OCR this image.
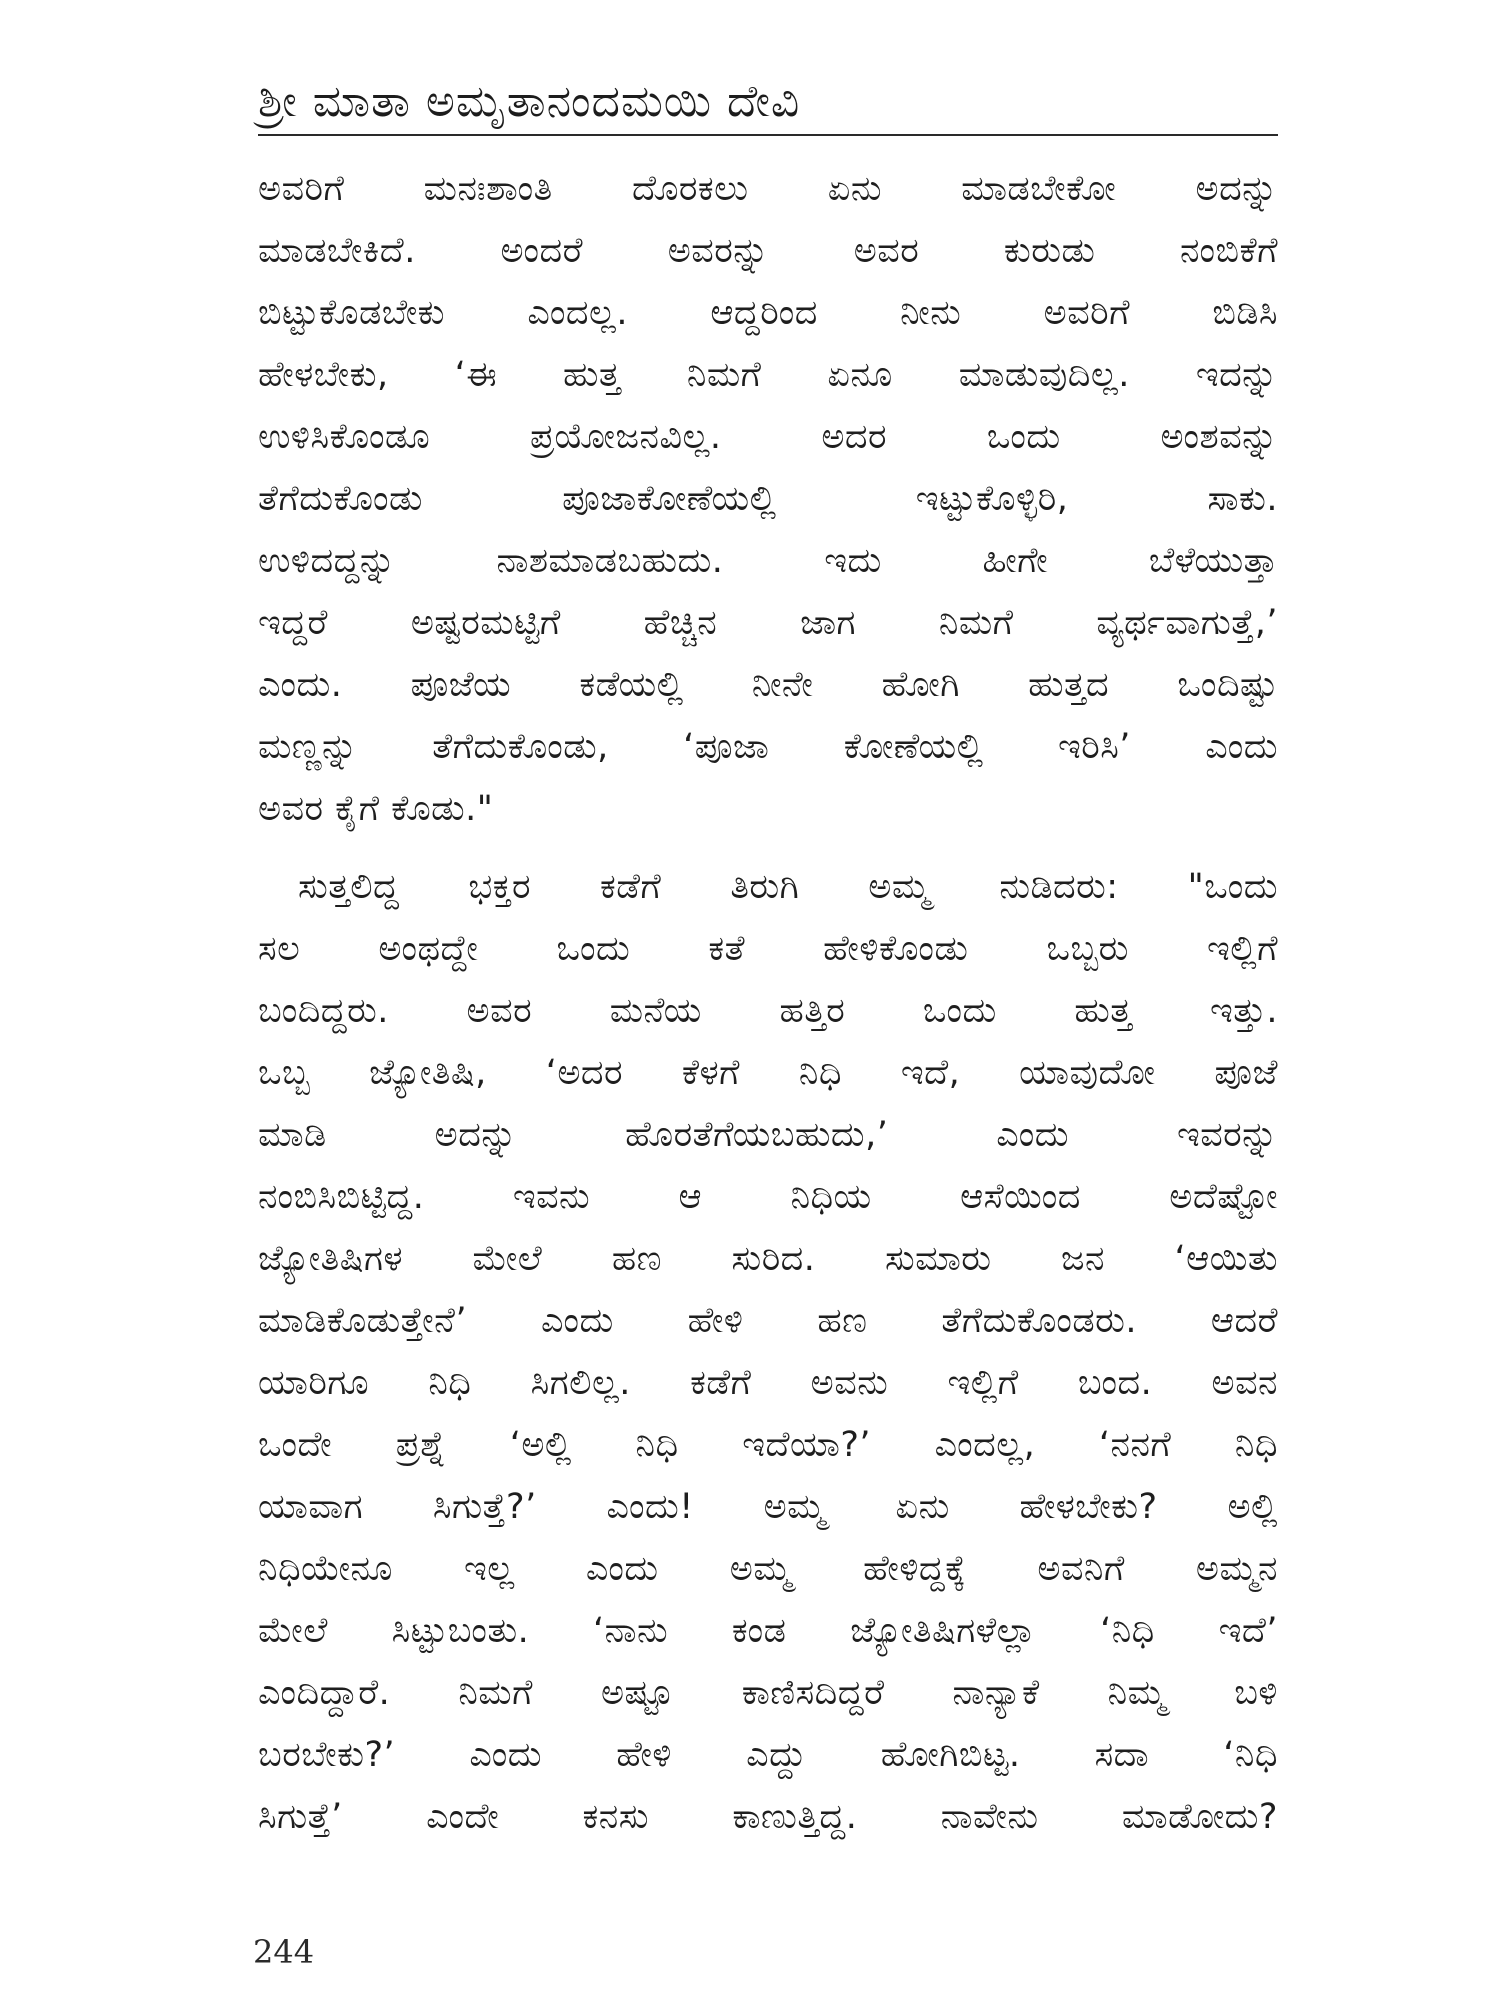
ಶ್ರೀ ಮಾತಾ ಅಮೃತಾನಂದಮಯಿ ದೇವಿ
ಅವರಿಗೆ ಮನಃಶಾಂತಿ ದೊರಕಲು ಏನು ಮಾಡಬೇಕೋ ಅದನ್ನು
ಮಾಡಬೇಕಿದೆ. ಅಂದರೆ ಅವರನ್ನು ಅವರ ಕುರುಡು ನಂಬಿಕೆಗೆ
ಬಿಟ್ಟುಕೊಡಬೇಕು ಎಂದಲ್ಲ. ಆದ್ದರಿಂದ ನೀನು ಅವರಿಗೆ ಬಿಡಿಸಿ
ಹೇಳಬೇಕು, ‘ಈ ಹುತ್ತ ನಿಮಗೆ ಏನೂ ಮಾಡುವುದಿಲ್ಲ. ಇದನ್ನು
ಉಳಿಸಿಕೊಂಡೂ ಪ್ರಯೋಜನವಿಲ್ಲ. ಅದರ ಒಂದು ಅಂಶವನ್ನು
ತೆಗೆದುಕೊಂಡು ಪೂಜಾಕೋಣೆಯಲ್ಲಿ ಇಟ್ಟುಕೊಳ್ಳಿರಿ, ಸಾಕು.
ಉಳಿದದ್ದನ್ನು ನಾಶಮಾಡಬಹುದು. ಇದು ಹೀಗೇ ಬೆಳೆಯುತ್ತಾ
ಇದ್ದರೆ ಅಷ್ಟರಮಟ್ಟಿಗೆ ಹೆಚ್ಚಿನ ಜಾಗ ನಿಮಗೆ ವ್ಯರ್ಥವಾಗುತ್ತೆ,’
ಎಂದು. ಪೂಜೆಯ ಕಡೆಯಲ್ಲಿ ನೀನೇ ಹೋಗಿ ಹುತ್ತದ ಒಂದಿಷ್ಟು
ಮಣ್ಣನ್ನು ತೆಗೆದುಕೊಂಡು, ‘ಪೂಜಾ ಕೋಣೆಯಲ್ಲಿ ಇರಿಸಿ’ ಎಂದು
ಅವರ ಕೈಗೆ ಕೊಡು."
ಸುತ್ತಲಿದ್ದ ಭಕ್ತರ ಕಡೆಗೆ ತಿರುಗಿ ಅಮ್ಮ ನುಡಿದರು: "ಒಂದು
ಸಲ ಅಂಥದ್ದೇ ಒಂದು ಕತೆ ಹೇಳಿಕೊಂಡು ಒಬ್ಬರು ಇಲ್ಲಿಗೆ
ಬಂದಿದ್ದರು. ಅವರ ಮನೆಯ ಹತ್ತಿರ ಒಂದು ಹುತ್ತ ಇತ್ತು.
ಒಬ್ಬ ಜ್ಯೋತಿಷಿ, ‘ಅದರ ಕೆಳಗೆ ನಿಧಿ ಇದೆ, ಯಾವುದೋ ಪೂಜೆ
ಮಾಡಿ ಅದನ್ನು ಹೊರತೆಗೆಯಬಹುದು,’ ಎಂದು ಇವರನ್ನು
ನಂಬಿಸಿಬಿಟ್ಟಿದ್ದ. ಇವನು ಆ ನಿಧಿಯ ಆಸೆಯಿಂದ ಅದೆಷ್ಟೋ
ಜ್ಯೋತಿಷಿಗಳ ಮೇಲೆ ಹಣ ಸುರಿದ. ಸುಮಾರು ಜನ ‘ಆಯಿತು
ಮಾಡಿಕೊಡುತ್ತೇನೆ’ ಎಂದು ಹೇಳಿ ಹಣ ತೆಗೆದುಕೊಂಡರು. ಆದರೆ
ಯಾರಿಗೂ ನಿಧಿ ಸಿಗಲಿಲ್ಲ. ಕಡೆಗೆ ಅವನು ಇಲ್ಲಿಗೆ ಬಂದ. ಅವನ
ಒಂದೇ ಪ್ರಶ್ನೆ ‘ಅಲ್ಲಿ ನಿಧಿ ಇದೆಯಾ?’ ಎಂದಲ್ಲ, ‘ನನಗೆ ನಿಧಿ
ಯಾವಾಗ ಸಿಗುತ್ತೆ?’ ಎಂದು! ಅಮ್ಮ ಏನು ಹೇಳಬೇಕು? ಅಲ್ಲಿ
ನಿಧಿಯೇನೂ ಇಲ್ಲ ಎಂದು ಅಮ್ಮ ಹೇಳಿದ್ದಕ್ಕೆ ಅವನಿಗೆ ಅಮ್ಮನ
ಮೇಲೆ ಸಿಟ್ಟುಬಂತು. ‘ನಾನು ಕಂಡ ಜ್ಯೋತಿಷಿಗಳೆಲ್ಲಾ ‘ನಿಧಿ ಇದೆ’
ಎಂದಿದ್ದಾರೆ. ನಿಮಗೆ ಅಷ್ಟೂ ಕಾಣಿಸದಿದ್ದರೆ ನಾನ್ಯಾಕೆ ನಿಮ್ಮ ಬಳಿ
ಬರಬೇಕು?’ ಎಂದು ಹೇಳಿ ಎದ್ದು ಹೋಗಿಬಿಟ್ಟ. ಸದಾ ‘ನಿಧಿ
ಸಿಗುತ್ತೆ’ ಎಂದೇ ಕನಸು ಕಾಣುತ್ತಿದ್ದ. ನಾವೇನು ಮಾಡೋದು?
244
